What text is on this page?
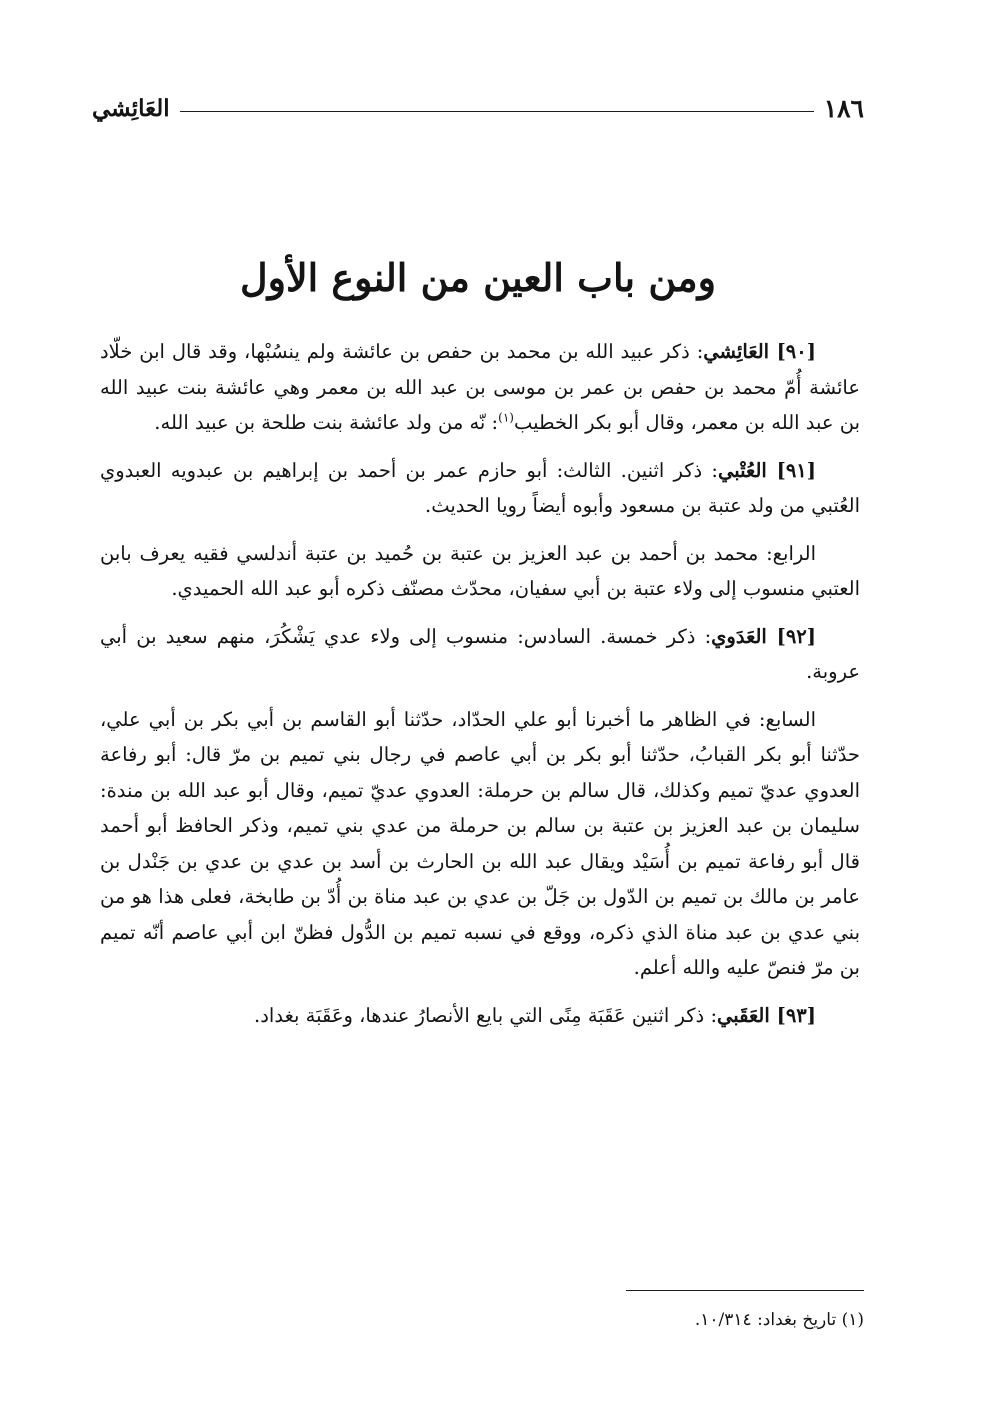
١٨٦
العَائِشي
ومن باب العين من النوع الأول

[٩٠] العَائِشي: ذكر عبيد الله بن محمد بن حفص بن عائشة ولم ينسُبْها، وقد قال ابن خلّاد عائشة أُمّ محمد بن حفص بن عمر بن موسى بن عبد الله بن معمر وهي عائشة بنت عبيد الله بن عبد الله بن معمر، وقال أبو بكر الخطيب$^{(١)}$: نّه من ولد عائشة بنت طلحة بن عبيد الله.

[٩١] العُتْبي: ذكر اثنين. الثالث: أبو حازم عمر بن أحمد بن إبراهيم بن عبدويه العبدوي العُتبي من ولد عتبة بن مسعود وأبوه أيضاً رويا الحديث.

الرابع: محمد بن أحمد بن عبد العزيز بن عتبة بن حُميد بن عتبة أندلسي فقيه يعرف بابن العتبي منسوب إلى ولاء عتبة بن أبي سفيان، محدّث مصنّف ذكره أبو عبد الله الحميدي.

[٩٢] العَدَوي: ذكر خمسة. السادس: منسوب إلى ولاء عدي يَشْكُرَ، منهم سعيد بن أبي عروبة.

السابع: في الظاهر ما أخبرنا أبو علي الحدّاد، حدّثنا أبو القاسم بن أبي بكر بن أبي علي، حدّثنا أبو بكر القبابُ، حدّثنا أبو بكر بن أبي عاصم في رجال بني تميم بن مرّ قال: أبو رفاعة العدوي عديّ تميم وكذلك، قال سالم بن حرملة: العدوي عديّ تميم، وقال أبو عبد الله بن مندة: سليمان بن عبد العزيز بن عتبة بن سالم بن حرملة من عدي بني تميم، وذكر الحافظ أبو أحمد قال أبو رفاعة تميم بن أُسَيْد ويقال عبد الله بن الحارث بن أسد بن عدي بن عدي بن جَنْدل بن عامر بن مالك بن تميم بن الدّول بن جَلّ بن عدي بن عبد مناة بن أُدّ بن طابخة، فعلى هذا هو من بني عدي بن عبد مناة الذي ذكره، ووقع في نسبه تميم بن الدُّول فظنّ ابن أبي عاصم أنّه تميم بن مرّ فنصّ عليه والله أعلم.

[٩٣] العَقَبي: ذكر اثنين عَقَبَة مِنًى التي بايع الأنصارُ عندها، وعَقَبَة بغداد.

(١) تاريخ بغداد: ١٠/٣١٤.
